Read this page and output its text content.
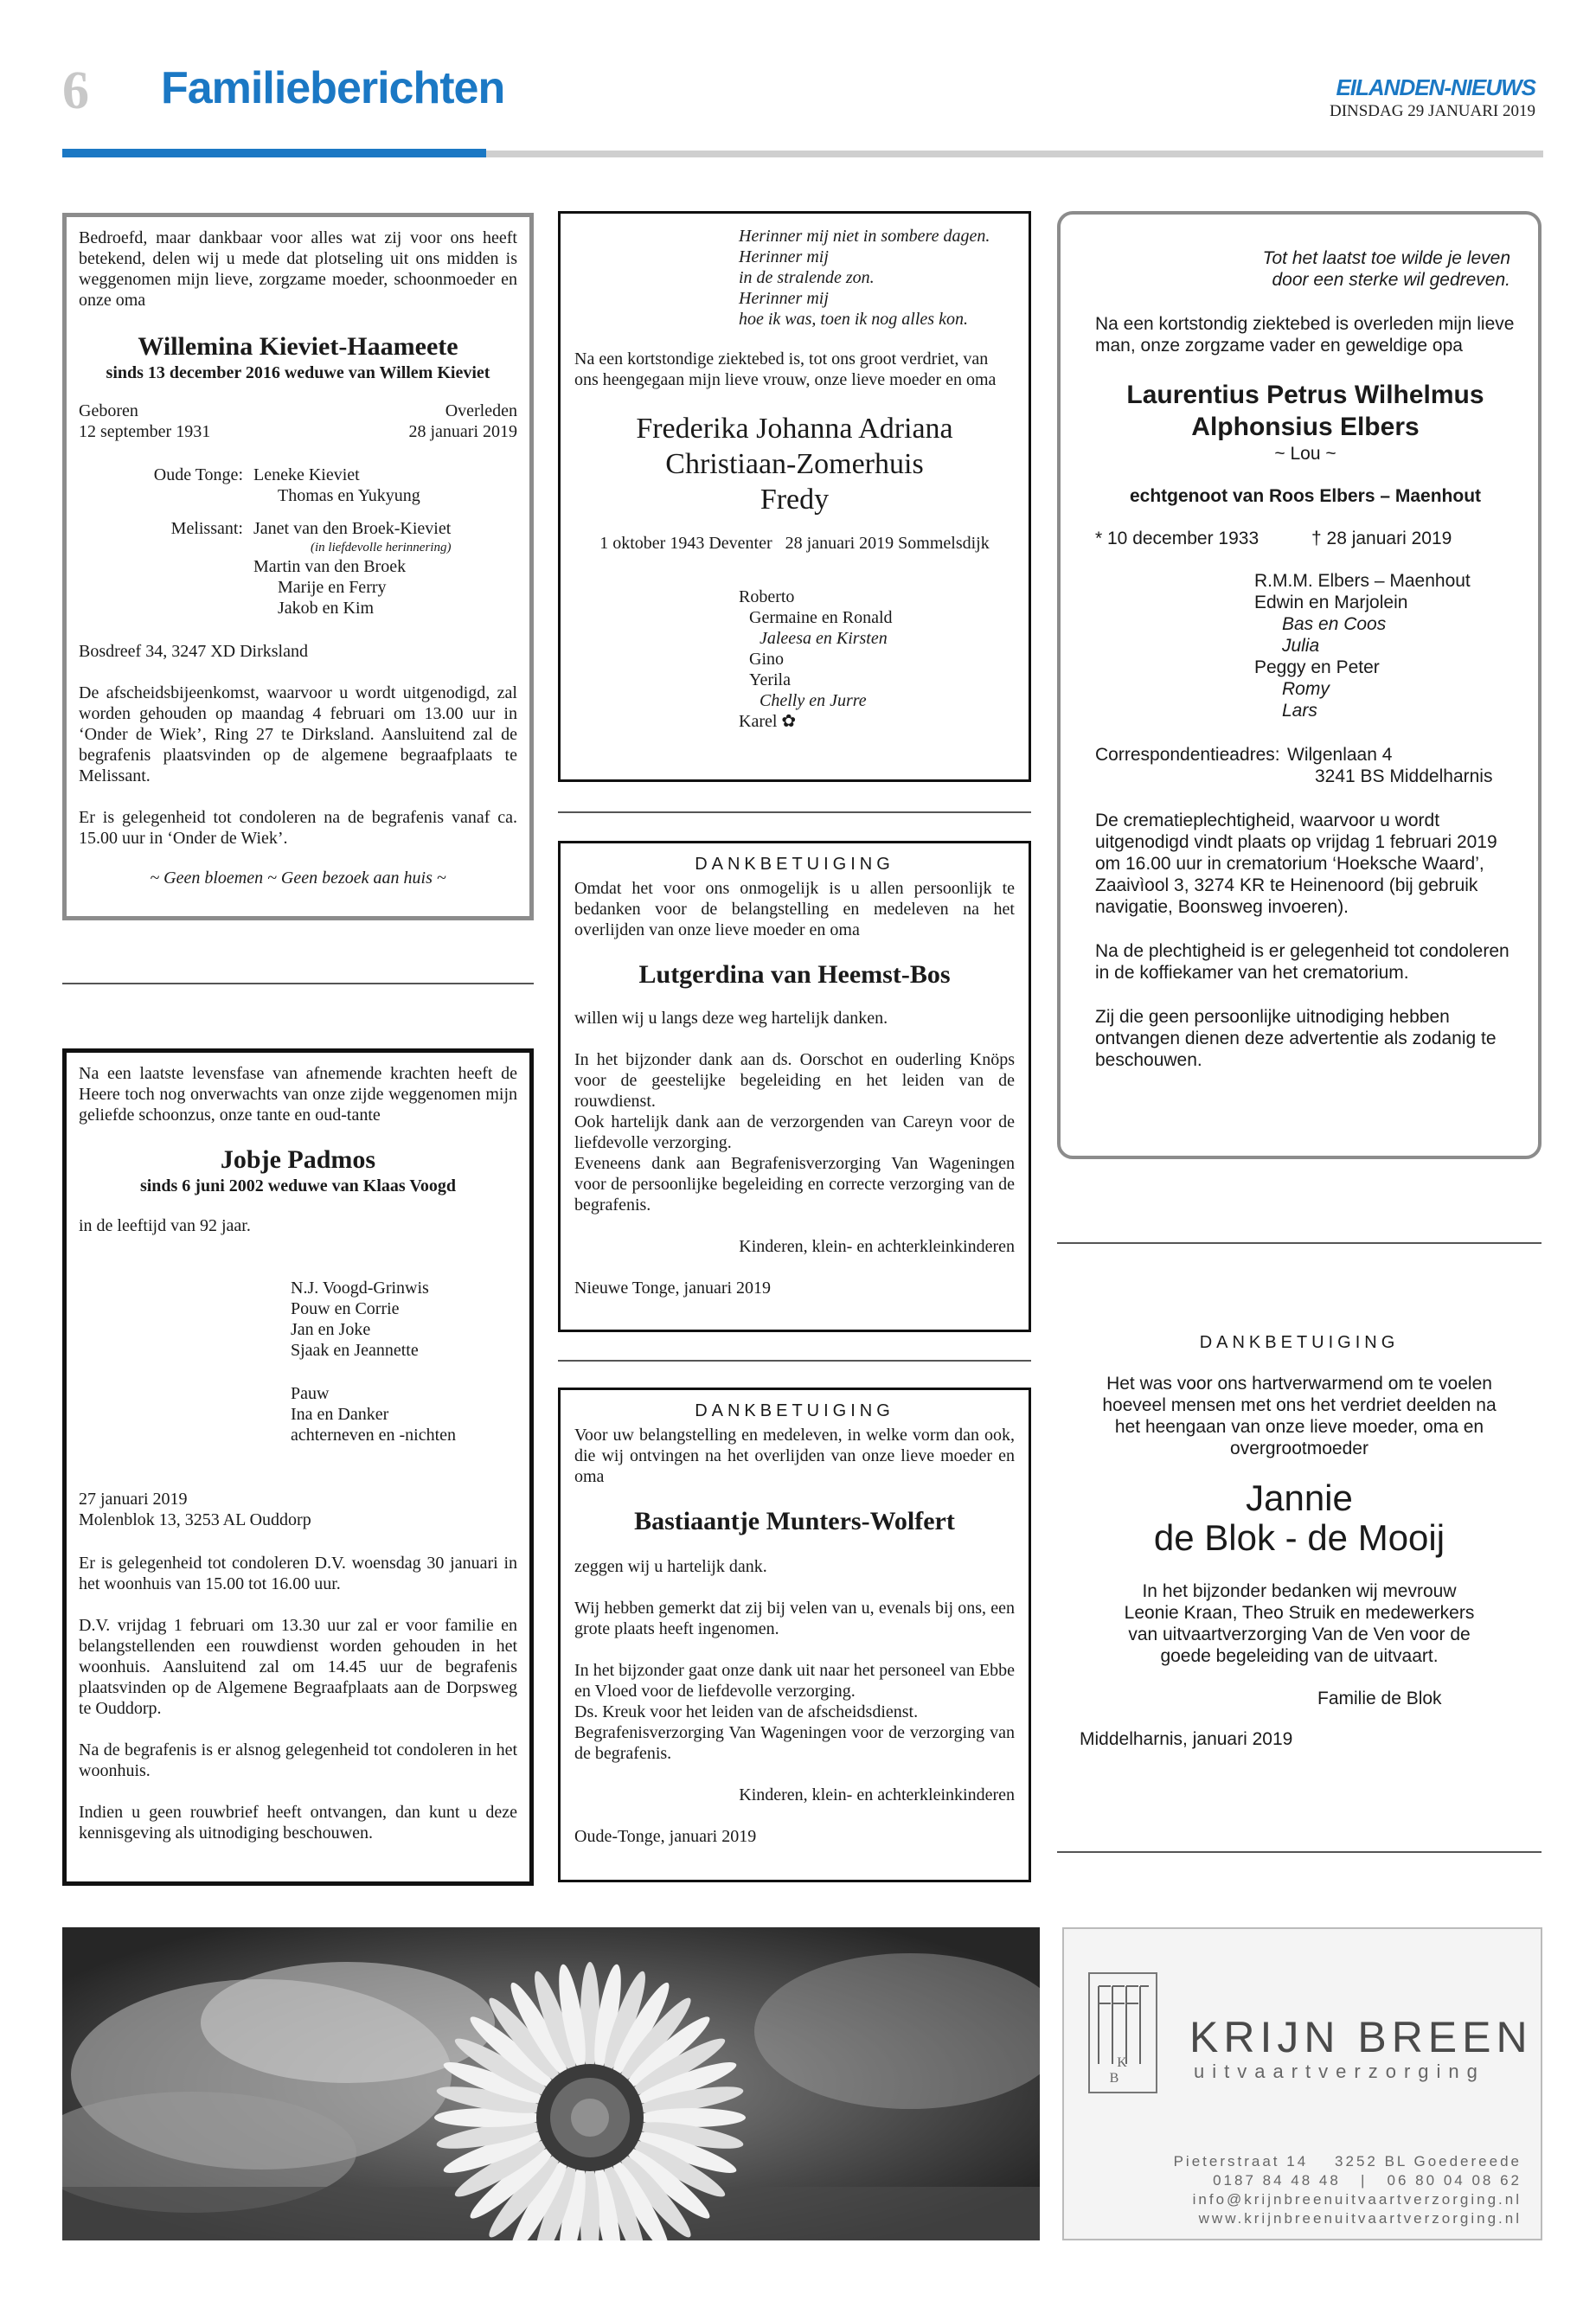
6 Familieberichten	EILANDEN-NIEUWS
DINSDAG 29 JANUARI 2019

Bedroefd, maar dankbaar voor alles wat zij voor ons heeft betekend, delen wij u mede dat plotseling uit ons midden is weggenomen mijn lieve, zorgzame moeder, schoonmoeder en onze oma

Willemina Kieviet-Haameete

sinds 13 december 2016 weduwe van Willem Kieviet

Geboren	Overleden
12 september 1931	28 januari 2019
Oude Tonge: Leneke Kieviet
Thomas en Yukyung
Melissant: Janet van den Broek-Kieviet
(in liefdevolle herinnering)
Martin van den Broek
Marije en Ferry
Jakob en Kim

Bosdreef 34, 3247 XD Dirksland

De afscheidsbijeenkomst, waarvoor u wordt uitgenodigd, zal worden gehouden op maandag 4 februari om 13.00 uur in ‘Onder de Wiek’, Ring 27 te Dirksland. Aansluitend zal de begrafenis plaatsvinden op de algemene begraafplaats te Melissant.

Er is gelegenheid tot condoleren na de begrafenis vanaf ca. 15.00 uur in ‘Onder de Wiek’.

~ Geen bloemen ~ Geen bezoek aan huis ~

Na een laatste levensfase van afnemende krachten heeft de Heere toch nog onverwachts van onze zijde weggenomen mijn geliefde schoonzus, onze tante en oud-tante

Jobje Padmos

sinds 6 juni 2002 weduwe van Klaas Voogd

in de leeftijd van 92 jaar.

N.J. Voogd-Grinwis
Pouw en Corrie
Jan en Joke
Sjaak en Jeannette
Pauw
Ina en Danker
achterneven en -nichten

27 januari 2019

Molenblok 13, 3253 AL Ouddorp

Er is gelegenheid tot condoleren D.V. woensdag 30 januari in het woonhuis van 15.00 tot 16.00 uur.

D.V. vrijdag 1 februari om 13.30 uur zal er voor familie en belangstellenden een rouwdienst worden gehouden in het woonhuis. Aansluitend zal om 14.45 uur de begrafenis plaatsvinden op de Algemene Begraafplaats aan de Dorpsweg te Ouddorp.

Na de begrafenis is er alsnog gelegenheid tot condoleren in het woonhuis.

Indien u geen rouwbrief heeft ontvangen, dan kunt u deze kennisgeving als uitnodiging beschouwen.

Herinner mij niet in sombere dagen.
Herinner mij
in de stralende zon.
Herinner mij
hoe ik was, toen ik nog alles kon.

Na een kortstondige ziektebed is, tot ons groot verdriet, van ons heengegaan mijn lieve vrouw, onze lieve moeder en oma

Frederika Johanna Adriana
Christiaan-Zomerhuis
Fredy

1 oktober 1943 Deventer   28 januari 2019 Sommelsdijk

Roberto
Germaine en Ronald
Jaleesa en Kirsten
Gino
Yerila
Chelly en Jurre
Karel ✿

DANKBETUIGING

Omdat het voor ons onmogelijk is u allen persoonlijk te bedanken voor de belangstelling en medeleven na het overlijden van onze lieve moeder en oma

Lutgerdina van Heemst-Bos

willen wij u langs deze weg hartelijk danken.

In het bijzonder dank aan ds. Oorschot en ouderling Knöps voor de geestelijke begeleiding en het leiden van de rouwdienst.

Ook hartelijk dank aan de verzorgenden van Careyn voor de liefdevolle verzorging.

Eveneens dank aan Begrafenisverzorging Van Wageningen voor de persoonlijke begeleiding en correcte verzorging van de begrafenis.

Kinderen, klein- en achterkleinkinderen

Nieuwe Tonge, januari 2019

DANKBETUIGING

Voor uw belangstelling en medeleven, in welke vorm dan ook, die wij ontvingen na het overlijden van onze lieve moeder en oma

Bastiaantje Munters-Wolfert

zeggen wij u hartelijk dank.

Wij hebben gemerkt dat zij bij velen van u, evenals bij ons, een grote plaats heeft ingenomen.

In het bijzonder gaat onze dank uit naar het personeel van Ebbe en Vloed voor de liefdevolle verzorging.

Ds. Kreuk voor het leiden van de afscheidsdienst.

Begrafenisverzorging Van Wageningen voor de verzorging van de begrafenis.

Kinderen, klein- en achterkleinkinderen

Oude-Tonge, januari 2019

Tot het laatst toe wilde je leven
door een sterke wil gedreven.

Na een kortstondig ziektebed is overleden mijn lieve man, onze zorgzame vader en geweldige opa

Laurentius Petrus Wilhelmus
Alphonsius Elbers

~ Lou ~

echtgenoot van Roos Elbers – Maenhout

* 10 december 1933	† 28 januari 2019
R.M.M. Elbers – Maenhout
Edwin en Marjolein
Bas en Coos
Julia
Peggy en Peter
Romy
Lars
Correspondentieadres: Wilgenlaan 4
3241 BS Middelharnis

De crematieplechtigheid, waarvoor u wordt uitgenodigd vindt plaats op vrijdag 1 februari 2019 om 16.00 uur in crematorium ‘Hoeksche Waard’, Zaaivìool 3, 3274 KR te Heinenoord (bij gebruik navigatie, Boonsweg invoeren).

Na de plechtigheid is er gelegenheid tot condoleren in de koffiekamer van het crematorium.

Zij die geen persoonlijke uitnodiging hebben ontvangen dienen deze advertentie als zodanig te beschouwen.

DANKBETUIGING

Het was voor ons hartverwarmend om te voelen hoeveel mensen met ons het verdriet deelden na het heengaan van onze lieve moeder, oma en overgrootmoeder

Jannie
de Blok - de Mooij

In het bijzonder bedanken wij mevrouw Leonie Kraan, Theo Struik en medewerkers van uitvaartverzorging Van de Ven voor de goede begeleiding van de uitvaart.

Familie de Blok

Middelharnis, januari 2019

K B
KRIJN BREEN
uitvaartverzorging
Pieterstraat 14    3252 BL Goedereede
0187 84 48 48   |   06 80 04 08 62
info@krijnbreenuitvaartverzorging.nl
www.krijnbreenuitvaartverzorging.nl
